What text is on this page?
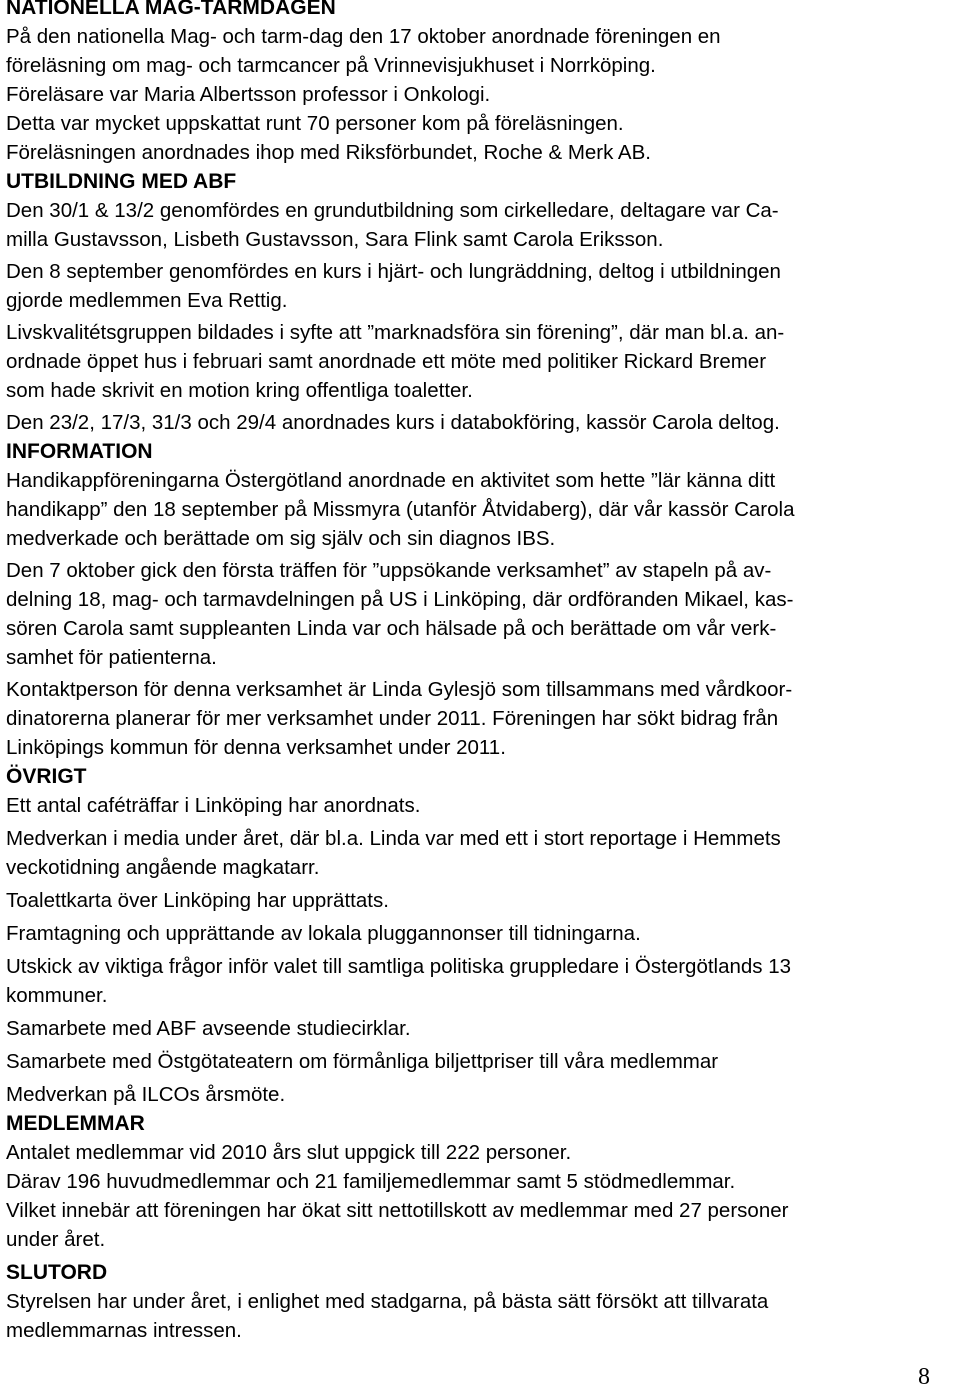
NATIONELLA MAG-TARMDAGEN
På den nationella Mag- och tarm-dag den 17 oktober anordnade föreningen en
föreläsning om mag- och tarmcancer på Vrinnevisjukhuset i Norrköping.
Föreläsare var Maria Albertsson professor i Onkologi.
Detta var mycket uppskattat runt 70 personer kom på föreläsningen.
Föreläsningen anordnades ihop med Riksförbundet, Roche & Merk AB.
UTBILDNING MED ABF
Den 30/1 & 13/2 genomfördes en grundutbildning som cirkelledare, deltagare var Ca-
milla Gustavsson, Lisbeth Gustavsson, Sara Flink samt Carola Eriksson.
Den 8 september genomfördes en kurs i hjärt- och lungräddning, deltog i utbildningen
gjorde medlemmen Eva Rettig.
Livskvalitétsgruppen bildades i syfte att ”marknadsföra sin förening”, där man bl.a. an-
ordnade öppet hus i februari samt anordnade ett möte med politiker Rickard Bremer
som hade skrivit en motion kring offentliga toaletter.
Den 23/2, 17/3, 31/3 och 29/4 anordnades kurs i databokföring, kassör Carola deltog.
INFORMATION
Handikappföreningarna Östergötland anordnade en aktivitet som hette ”lär känna ditt
handikapp” den 18 september på Missmyra (utanför Åtvidaberg), där vår kassör Carola
medverkade och berättade om sig själv och sin diagnos IBS.
Den 7 oktober gick den första träffen för ”uppsökande verksamhet” av stapeln på av-
delning 18, mag- och tarmavdelningen på US i Linköping, där ordföranden Mikael, kas-
sören Carola samt suppleanten Linda var och hälsade på och berättade om vår verk-
samhet för patienterna.
Kontaktperson för denna verksamhet är Linda Gylesjö som tillsammans med vårdkoor-
dinatorerna planerar för mer verksamhet under 2011. Föreningen har sökt bidrag från
Linköpings kommun för denna verksamhet under 2011.
ÖVRIGT
Ett antal caféträffar i Linköping har anordnats.
Medverkan i media under året, där bl.a. Linda var med ett i stort reportage i Hemmets
veckotidning angående magkatarr.
Toalettkarta över Linköping har upprättats.
Framtagning och upprättande av lokala pluggannonser till tidningarna.
Utskick av viktiga frågor inför valet till samtliga politiska gruppledare i Östergötlands 13
kommuner.
Samarbete med ABF avseende studiecirklar.
Samarbete med Östgötateatern om förmånliga biljettpriser till våra medlemmar
Medverkan på ILCOs årsmöte.
MEDLEMMAR
Antalet medlemmar vid 2010 års slut uppgick till 222 personer.
Därav 196 huvudmedlemmar och 21 familjemedlemmar samt 5 stödmedlemmar.
Vilket innebär att föreningen har ökat sitt nettotillskott av medlemmar med 27 personer
under året.
SLUTORD
Styrelsen har under året, i enlighet med stadgarna, på bästa sätt försökt att tillvarata
medlemmarnas intressen.
8
